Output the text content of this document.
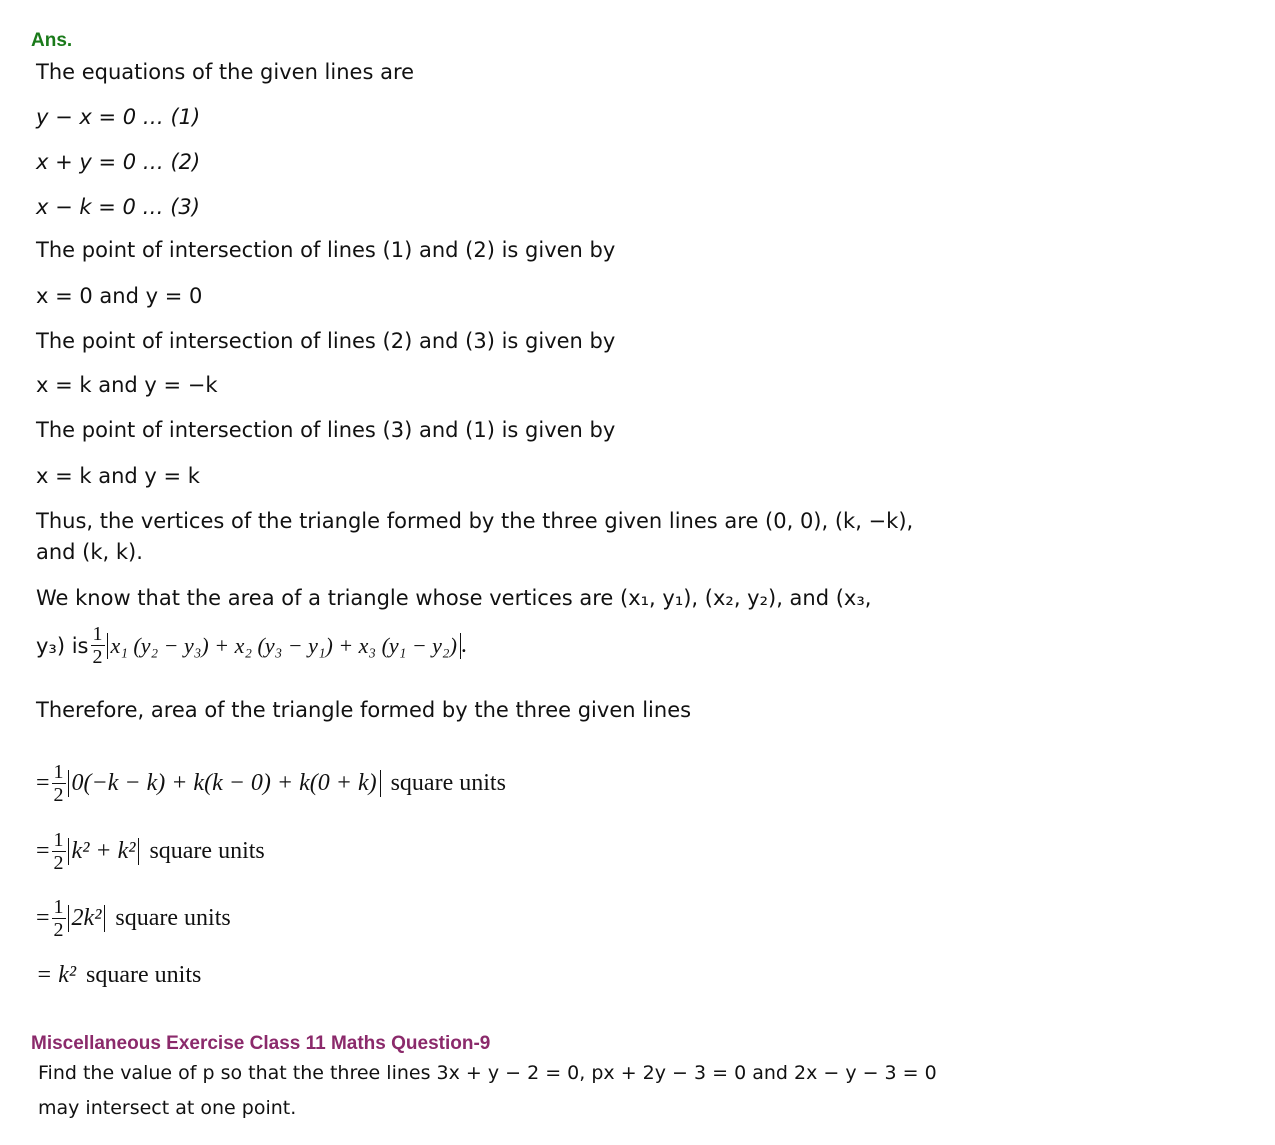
Ans.
The equations of the given lines are
y − x = 0 … (1)
x + y = 0 … (2)
x − k = 0 … (3)
The point of intersection of lines (1) and (2) is given by
x = 0 and y = 0
The point of intersection of lines (2) and (3) is given by
x = k and y = −k
The point of intersection of lines (3) and (1) is given by
x = k and y = k
Thus, the vertices of the triangle formed by the three given lines are (0, 0), (k, −k),
and (k, k).
We know that the area of a triangle whose vertices are (x₁, y₁), (x₂, y₂), and (x₃,
y₃) is $\frac{1}{2} x_1$ (y₂ − y₃) + x₂ (y₃ − y₁) + x₃ (y₁ − y₂) .
Therefore, area of the triangle formed by the three given lines
= $\frac{1}{2} 0(-k - k) + k(k - 0) + k(0 + k)$ square units
= $\frac{1}{2} k^2 + k^2$ square units
= $\frac{1}{2} 2k^2$ square units
= k² square units
Miscellaneous Exercise Class 11 Maths Question-9
Find the value of p so that the three lines 3x + y − 2 = 0, px + 2y − 3 = 0 and 2x − y − 3 = 0
may intersect at one point.
